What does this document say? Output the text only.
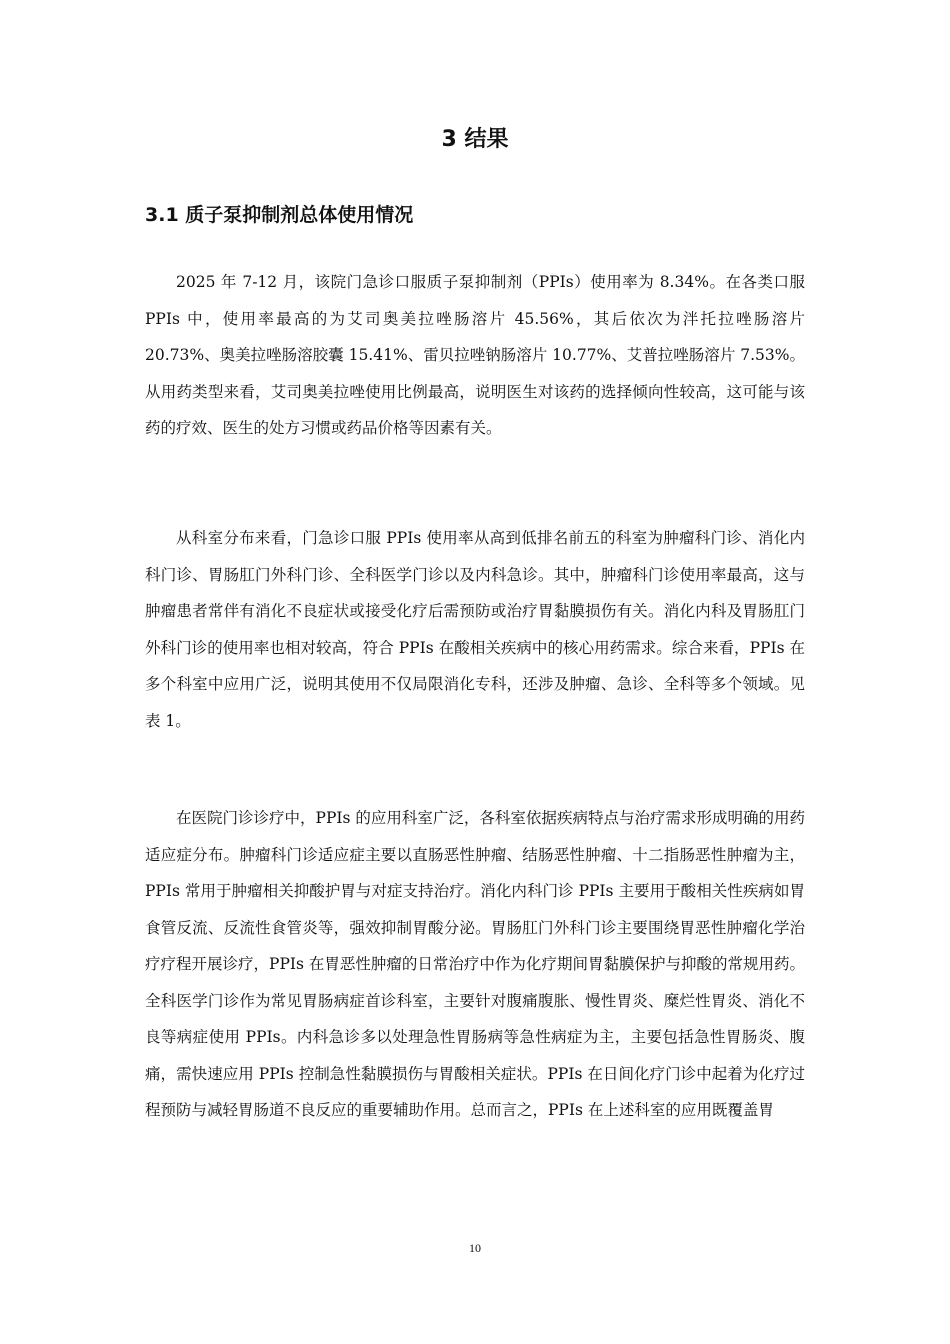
3 结果
3.1 质子泵抑制剂总体使用情况

2025 年 7-12 月，该院门急诊口服质子泵抑制剂（PPIs）使用率为 8.34%。在各类口服 PPIs 中，使用率最高的为艾司奥美拉唑肠溶片 45.56%，其后依次为泮托拉唑肠溶片 20.73%、奥美拉唑肠溶胶囊 15.41%、雷贝拉唑钠肠溶片 10.77%、艾普拉唑肠溶片 7.53%。从用药类型来看，艾司奥美拉唑使用比例最高，说明医生对该药的选择倾向性较高，这可能与该药的疗效、医生的处方习惯或药品价格等因素有关。

从科室分布来看，门急诊口服 PPIs 使用率从高到低排名前五的科室为肿瘤科门诊、消化内科门诊、胃肠肛门外科门诊、全科医学门诊以及内科急诊。其中，肿瘤科门诊使用率最高，这与肿瘤患者常伴有消化不良症状或接受化疗后需预防或治疗胃黏膜损伤有关。消化内科及胃肠肛门外科门诊的使用率也相对较高，符合 PPIs 在酸相关疾病中的核心用药需求。综合来看，PPIs 在多个科室中应用广泛，说明其使用不仅局限消化专科，还涉及肿瘤、急诊、全科等多个领域。见表 1。

在医院门诊诊疗中，PPIs 的应用科室广泛，各科室依据疾病特点与治疗需求形成明确的用药适应症分布。肿瘤科门诊适应症主要以直肠恶性肿瘤、结肠恶性肿瘤、十二指肠恶性肿瘤为主，PPIs 常用于肿瘤相关抑酸护胃与对症支持治疗。消化内科门诊 PPIs 主要用于酸相关性疾病如胃食管反流、反流性食管炎等，强效抑制胃酸分泌。胃肠肛门外科门诊主要围绕胃恶性肿瘤化学治疗疗程开展诊疗，PPIs 在胃恶性肿瘤的日常治疗中作为化疗期间胃黏膜保护与抑酸的常规用药。全科医学门诊作为常见胃肠病症首诊科室，主要针对腹痛腹胀、慢性胃炎、糜烂性胃炎、消化不良等病症使用 PPIs。内科急诊多以处理急性胃肠病等急性病症为主，主要包括急性胃肠炎、腹痛，需快速应用 PPIs 控制急性黏膜损伤与胃酸相关症状。PPIs 在日间化疗门诊中起着为化疗过程预防与减轻胃肠道不良反应的重要辅助作用。总而言之，PPIs 在上述科室的应用既覆盖胃

10
